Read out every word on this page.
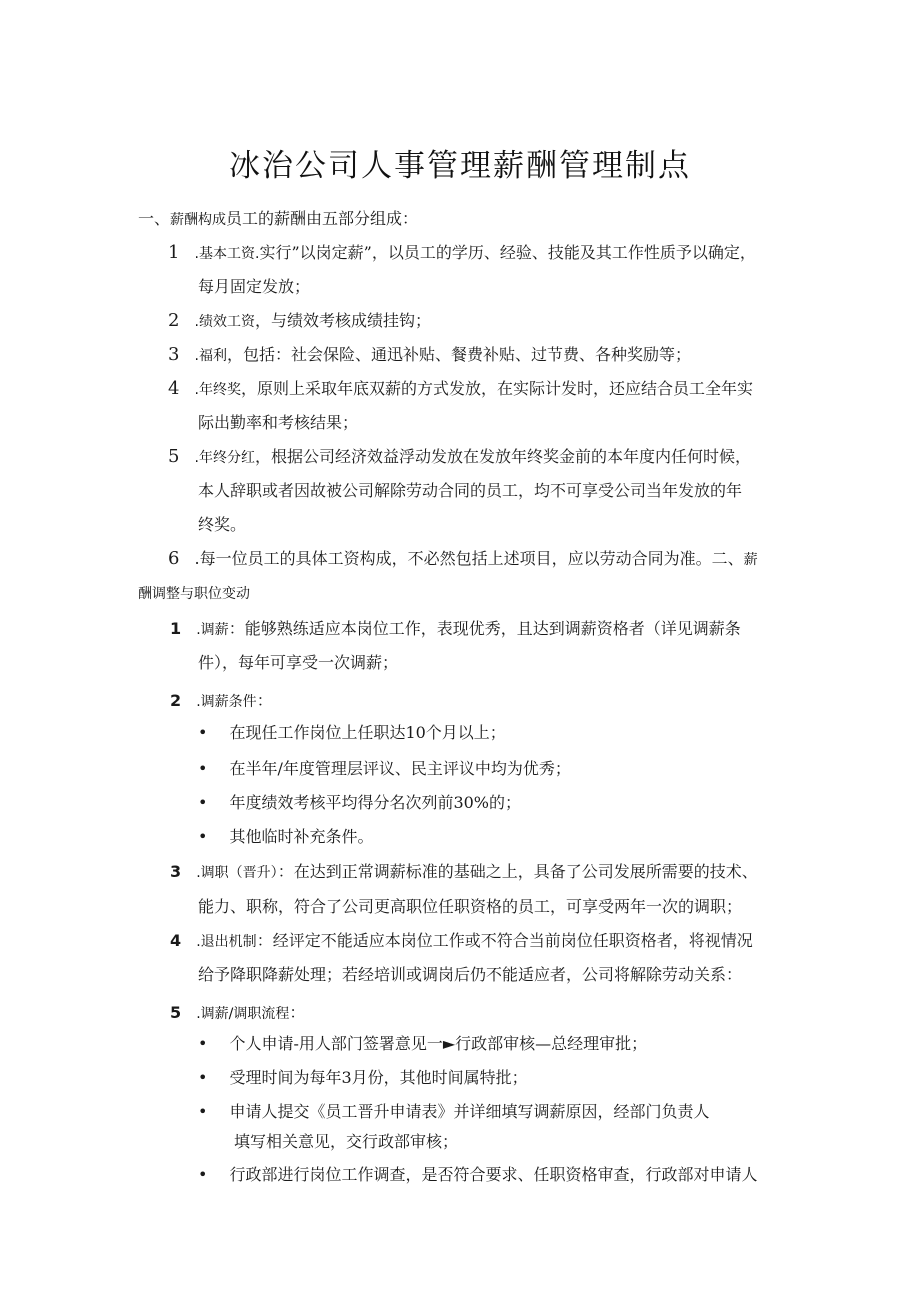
冰治公司人事管理薪酬管理制点
一、薪酬构成员工的薪酬由五部分组成：
1 .基本工资.实行”以岗定薪”，以员工的学历、经验、技能及其工作性质予以确定，
每月固定发放；
2 .绩效工资，与绩效考核成绩挂钩；
3 .福利，包括：社会保险、通迅补贴、餐费补贴、过节费、各种奖励等；
4 .年终奖，原则上采取年底双薪的方式发放，在实际计发时，还应结合员工全年实
际出勤率和考核结果；
5 .年终分红，根据公司经济效益浮动发放在发放年终奖金前的本年度内任何时候，
本人辞职或者因故被公司解除劳动合同的员工，均不可享受公司当年发放的年
终奖。
6 .每一位员工的具体工资构成，不必然包括上述项目，应以劳动合同为准。二、薪
酬调整与职位变动
1 .调薪：能够熟练适应本岗位工作，表现优秀，且达到调薪资格者（详见调薪条
件），每年可享受一次调薪；
2 .调薪条件：
• 在现任工作岗位上任职达10个月以上；
• 在半年/年度管理层评议、民主评议中均为优秀；
• 年度绩效考核平均得分名次列前30%的；
• 其他临时补充条件。
3 .调职（晋升）：在达到正常调薪标准的基础之上，具备了公司发展所需要的技术、
能力、职称，符合了公司更高职位任职资格的员工，可享受两年一次的调职；
4 .退出机制：经评定不能适应本岗位工作或不符合当前岗位任职资格者，将视情况
给予降职降薪处理；若经培训或调岗后仍不能适应者，公司将解除劳动关系：
5 .调薪/调职流程：
• 个人申请-用人部门签署意见一►行政部审核—总经理审批；
• 受理时间为每年3月份，其他时间属特批；
• 申请人提交《员工晋升申请表》并详细填写调薪原因，经部门负责人
填写相关意见，交行政部审核；
• 行政部进行岗位工作调查，是否符合要求、任职资格审查，行政部对申请人
